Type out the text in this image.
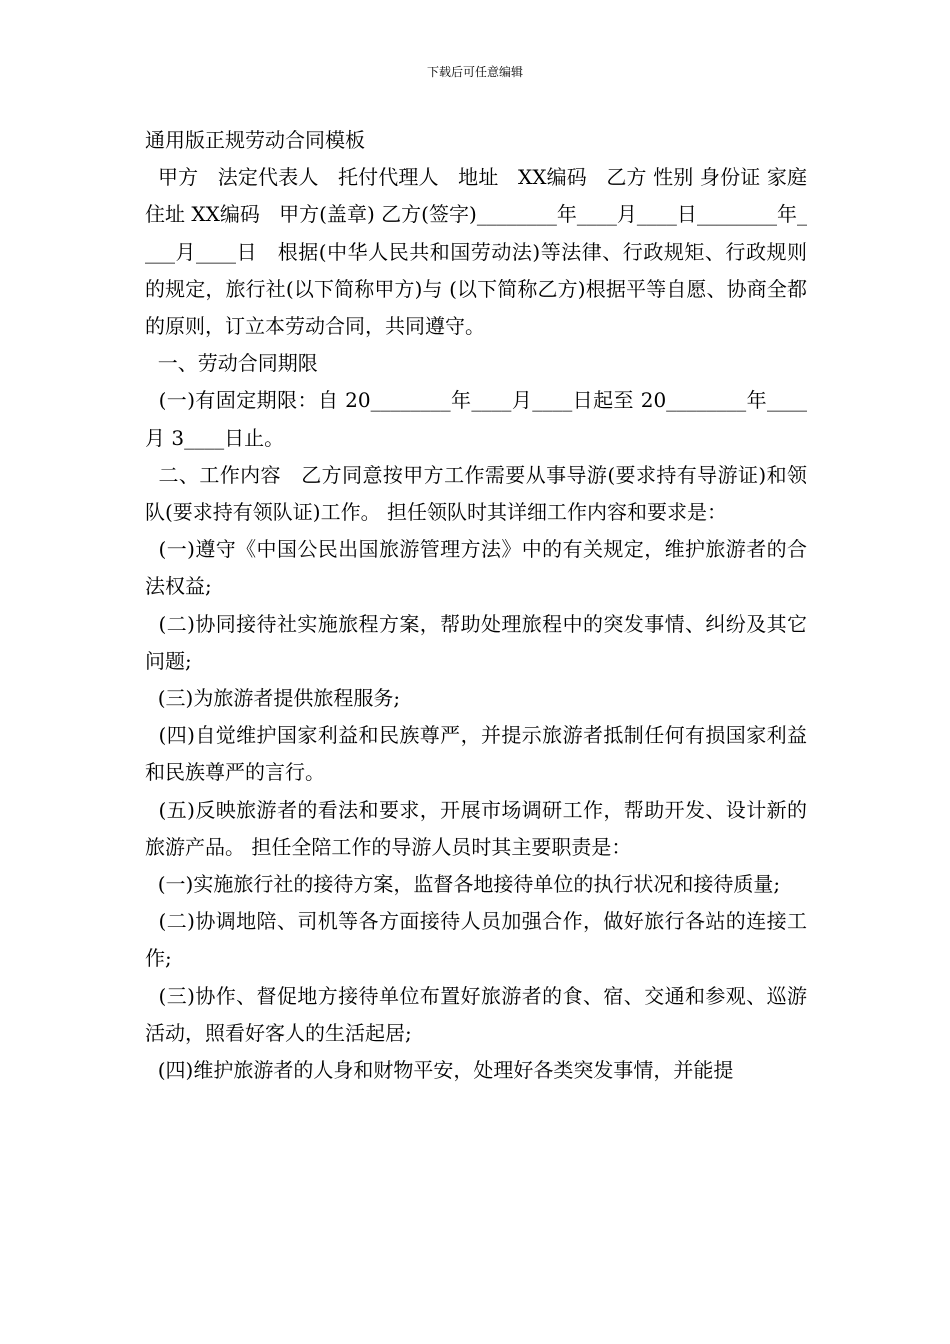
下载后可任意编辑

通用版正规劳动合同模板

甲方   法定代表人   托付代理人   地址   XX编码   乙方 性别 身份证 家庭住址 XX编码   甲方(盖章) 乙方(签字)________年____月____日________年____月____日   根据(中华人民共和国劳动法)等法律、行政规矩、行政规则的规定，旅行社(以下简称甲方)与 (以下简称乙方)根据平等自愿、协商全都的原则，订立本劳动合同，共同遵守。

一、劳动合同期限

(一)有固定期限：自 20________年____月____日起至 20________年____月 3____日止。

二、工作内容   乙方同意按甲方工作需要从事导游(要求持有导游证)和领队(要求持有领队证)工作。 担任领队时其详细工作内容和要求是：

(一)遵守《中国公民出国旅游管理方法》中的有关规定，维护旅游者的合法权益;

(二)协同接待社实施旅程方案，帮助处理旅程中的突发事情、纠纷及其它问题;

(三)为旅游者提供旅程服务;

(四)自觉维护国家利益和民族尊严，并提示旅游者抵制任何有损国家利益和民族尊严的言行。

(五)反映旅游者的看法和要求，开展市场调研工作，帮助开发、设计新的旅游产品。 担任全陪工作的导游人员时其主要职责是：

(一)实施旅行社的接待方案，监督各地接待单位的执行状况和接待质量;

(二)协调地陪、司机等各方面接待人员加强合作，做好旅行各站的连接工作;

(三)协作、督促地方接待单位布置好旅游者的食、宿、交通和参观、巡游活动，照看好客人的生活起居;

(四)维护旅游者的人身和财物平安，处理好各类突发事情，并能提
